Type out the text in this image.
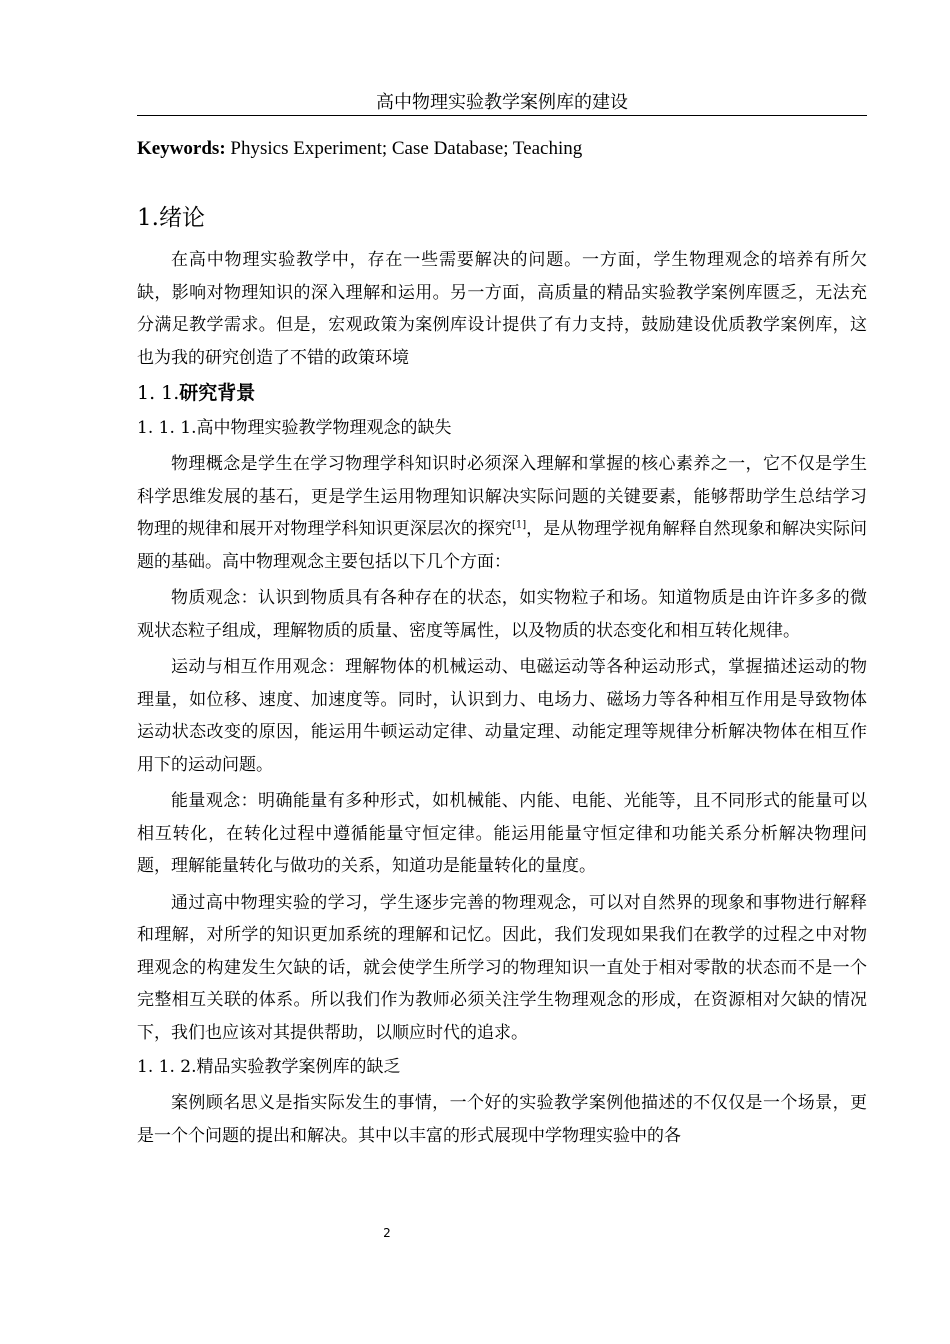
高中物理实验教学案例库的建设
Keywords: Physics Experiment; Case Database; Teaching
1.绪论

在高中物理实验教学中，存在一些需要解决的问题。一方面，学生物理观念的培养有所欠缺，影响对物理知识的深入理解和运用。另一方面，高质量的精品实验教学案例库匮乏，无法充分满足教学需求。但是，宏观政策为案例库设计提供了有力支持，鼓励建设优质教学案例库，这也为我的研究创造了不错的政策环境

1. 1.研究背景
1. 1. 1.高中物理实验教学物理观念的缺失

物理概念是学生在学习物理学科知识时必须深入理解和掌握的核心素养之一，它不仅是学生科学思维发展的基石，更是学生运用物理知识解决实际问题的关键要素，能够帮助学生总结学习物理的规律和展开对物理学科知识更深层次的探究[1]，是从物理学视角解释自然现象和解决实际问题的基础。高中物理观念主要包括以下几个方面：

物质观念：认识到物质具有各种存在的状态，如实物粒子和场。知道物质是由许许多多的微观状态粒子组成，理解物质的质量、密度等属性，以及物质的状态变化和相互转化规律。

运动与相互作用观念：理解物体的机械运动、电磁运动等各种运动形式，掌握描述运动的物理量，如位移、速度、加速度等。同时，认识到力、电场力、磁场力等各种相互作用是导致物体运动状态改变的原因，能运用牛顿运动定律、动量定理、动能定理等规律分析解决物体在相互作用下的运动问题。

能量观念：明确能量有多种形式，如机械能、内能、电能、光能等，且不同形式的能量可以相互转化，在转化过程中遵循能量守恒定律。能运用能量守恒定律和功能关系分析解决物理问题，理解能量转化与做功的关系，知道功是能量转化的量度。

通过高中物理实验的学习，学生逐步完善的物理观念，可以对自然界的现象和事物进行解释和理解，对所学的知识更加系统的理解和记忆。因此，我们发现如果我们在教学的过程之中对物理观念的构建发生欠缺的话，就会使学生所学习的物理知识一直处于相对零散的状态而不是一个完整相互关联的体系。所以我们作为教师必须关注学生物理观念的形成，在资源相对欠缺的情况下，我们也应该对其提供帮助，以顺应时代的追求。

1. 1. 2.精品实验教学案例库的缺乏

案例顾名思义是指实际发生的事情，一个好的实验教学案例他描述的不仅仅是一个场景，更是一个个问题的提出和解决。其中以丰富的形式展现中学物理实验中的各

2
